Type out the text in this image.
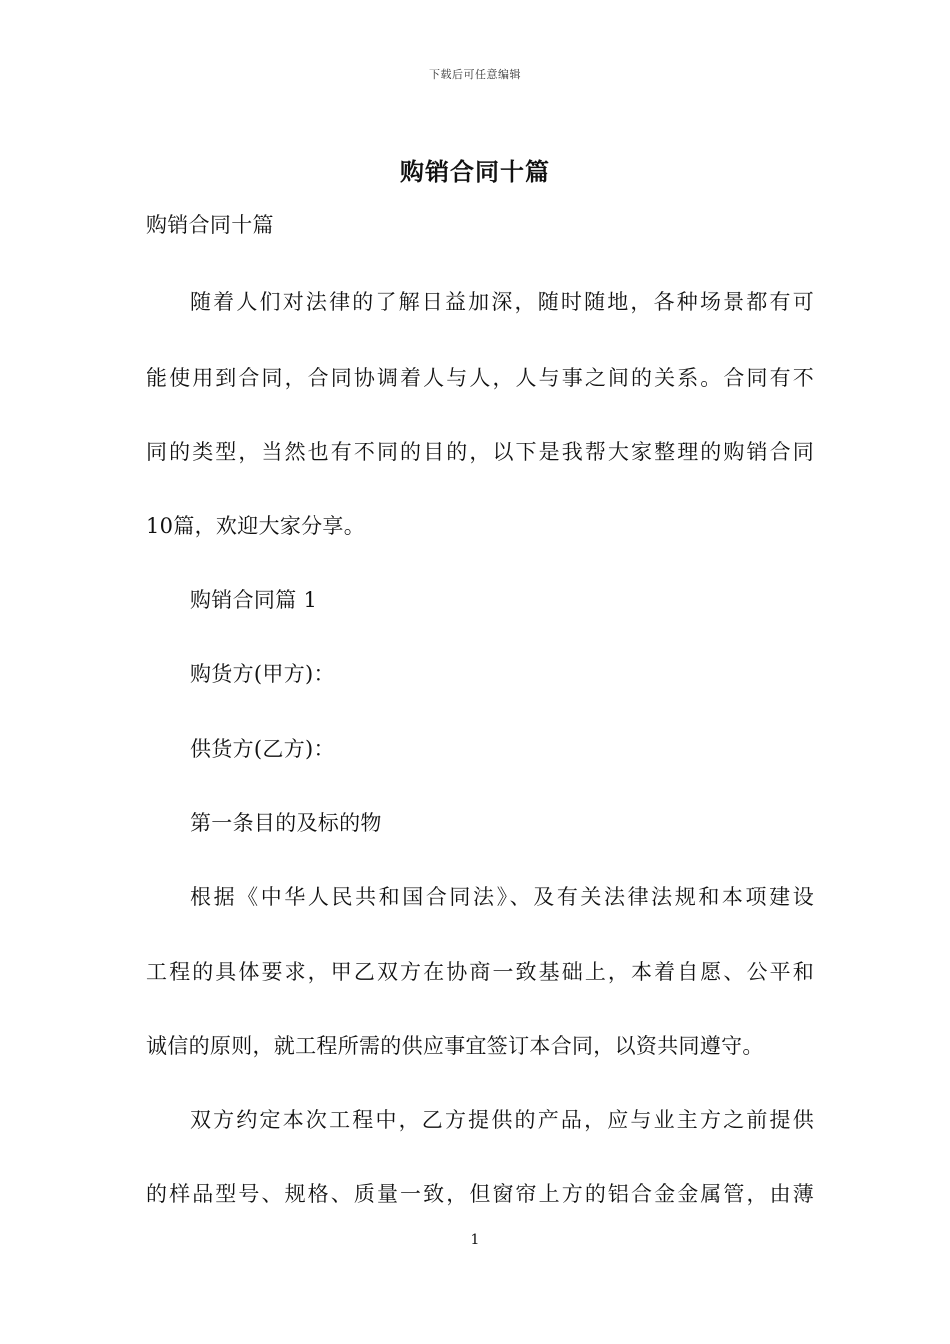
下载后可任意编辑
购销合同十篇
购销合同十篇
随着人们对法律的了解日益加深，随时随地，各种场景都有可
能使用到合同，合同协调着人与人，人与事之间的关系。合同有不
同的类型，当然也有不同的目的，以下是我帮大家整理的购销合同
10篇，欢迎大家分享。
购销合同篇 1
购货方(甲方)：
供货方(乙方)：
第一条目的及标的物
根据《中华人民共和国合同法》、及有关法律法规和本项建设
工程的具体要求，甲乙双方在协商一致基础上，本着自愿、公平和
诚信的原则，就工程所需的供应事宜签订本合同，以资共同遵守。
双方约定本次工程中，乙方提供的产品，应与业主方之前提供
的样品型号、规格、质量一致，但窗帘上方的铝合金金属管，由薄
1
